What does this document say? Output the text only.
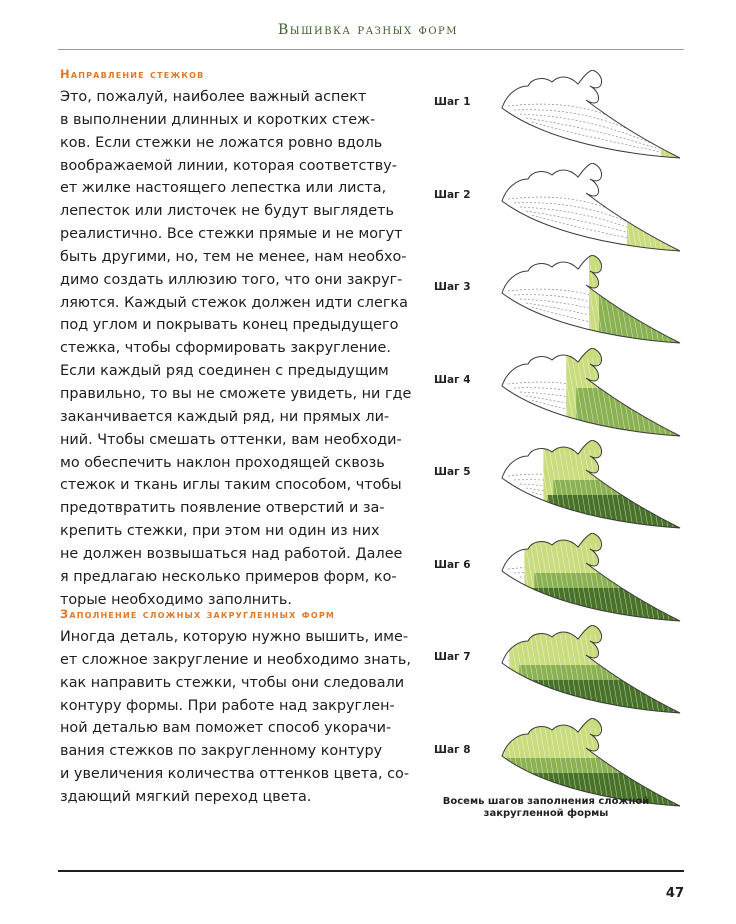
Вышивка разных форм
Направление стежков

Это, пожалуй, наиболее важный аспект
в выполнении длинных и коротких стеж-
ков. Если стежки не ложатся ровно вдоль
воображаемой линии, которая соответству-
ет жилке настоящего лепестка или листа,
лепесток или листочек не будут выглядеть
реалистично. Все стежки прямые и не могут
быть другими, но, тем не менее, нам необхо-
димо создать иллюзию того, что они закруг-
ляются. Каждый стежок должен идти слегка
под углом и покрывать конец предыдущего
стежка, чтобы сформировать закругление.
Если каждый ряд соединен с предыдущим
правильно, то вы не сможете увидеть, ни где
заканчивается каждый ряд, ни прямых ли-
ний. Чтобы смешать оттенки, вам необходи-
мо обеспечить наклон проходящей сквозь
стежок и ткань иглы таким способом, чтобы
предотвратить появление отверстий и за-
крепить стежки, при этом ни один из них
не должен возвышаться над работой. Далее
я предлагаю несколько примеров форм, ко-
торые необходимо заполнить.

Заполнение сложных закругленных форм

Иногда деталь, которую нужно вышить, име-
ет сложное закругление и необходимо знать,
как направить стежки, чтобы они следовали
контуру формы. При работе над закруглен-
ной деталью вам поможет способ укорачи-
вания стежков по закругленному контуру
и увеличения количества оттенков цвета, со-
здающий мягкий переход цвета.

Шаг 1
Шаг 2
Шаг 3
Шаг 4
Шаг 5
Шаг 6
Шаг 7
Шаг 8
Восемь шагов заполнения сложной
закругленной формы
47
